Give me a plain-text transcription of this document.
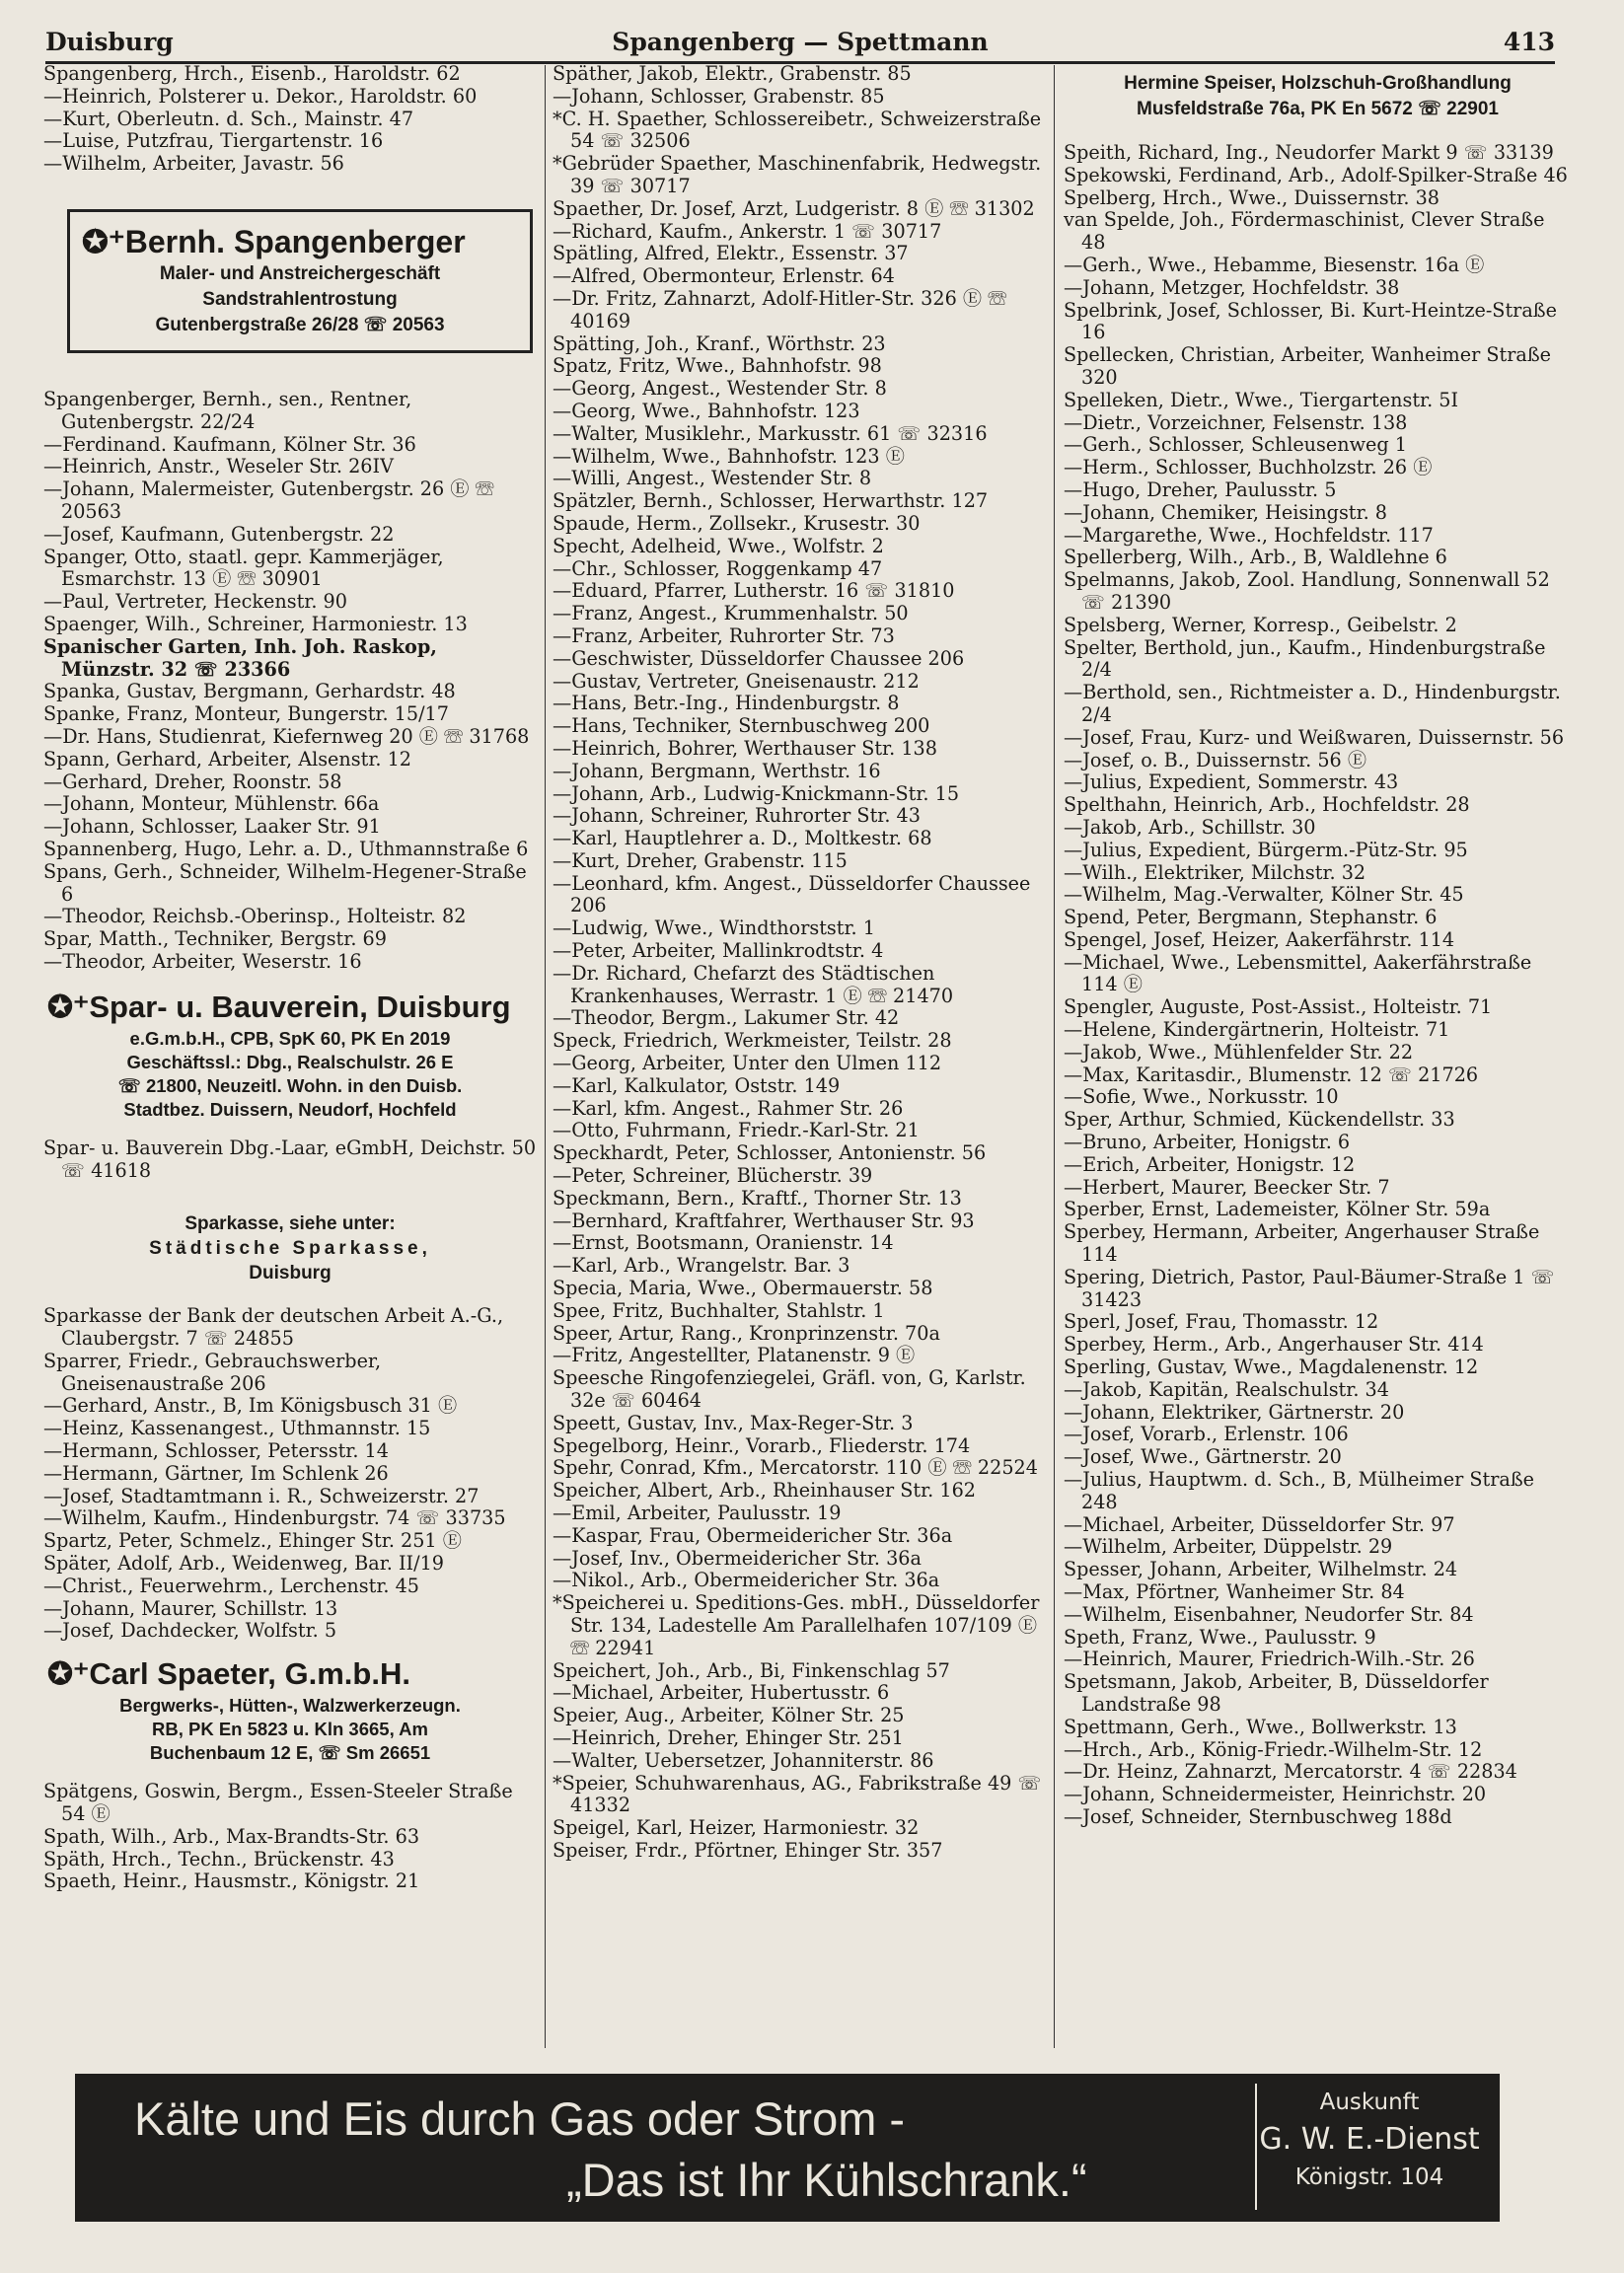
Duisburg	Spangenberg — Spettmann	413
Spangenberg, Hrch., Eisenb., Haroldstr. 62
—Heinrich, Polsterer u. Dekor., Haroldstr. 60
—Kurt, Oberleutn. d. Sch., Mainstr. 47
—Luise, Putzfrau, Tiergartenstr. 16
—Wilhelm, Arbeiter, Javastr. 56
✪⁺Bernh. Spangenberger
Maler- und Anstreichergeschäft
Sandstrahlentrostung
Gutenbergstraße 26/28 ☏ 20563
Spangenberger, Bernh., sen., Rentner, Gutenbergstr. 22/24
—Ferdinand. Kaufmann, Kölner Str. 36
—Heinrich, Anstr., Weseler Str. 26IV
—Johann, Malermeister, Gutenbergstr. 26 Ⓔ ☏ 20563
—Josef, Kaufmann, Gutenbergstr. 22
Spanger, Otto, staatl. gepr. Kammerjäger, Esmarchstr. 13 Ⓔ ☏ 30901
—Paul, Vertreter, Heckenstr. 90
Spaenger, Wilh., Schreiner, Harmoniestr. 13
Spanischer Garten, Inh. Joh. Raskop, Münzstr. 32 ☏ 23366
Spanka, Gustav, Bergmann, Gerhardstr. 48
Spanke, Franz, Monteur, Bungerstr. 15/17
—Dr. Hans, Studienrat, Kiefernweg 20 Ⓔ ☏ 31768
Spann, Gerhard, Arbeiter, Alsenstr. 12
—Gerhard, Dreher, Roonstr. 58
—Johann, Monteur, Mühlenstr. 66a
—Johann, Schlosser, Laaker Str. 91
Spannenberg, Hugo, Lehr. a. D., Uthmannstraße 6
Spans, Gerh., Schneider, Wilhelm-Hegener-Straße 6
—Theodor, Reichsb.-Oberinsp., Holteistr. 82
Spar, Matth., Techniker, Bergstr. 69
—Theodor, Arbeiter, Weserstr. 16
✪⁺Spar- u. Bauverein, Duisburg
e.G.m.b.H., CPB, SpK 60, PK En 2019
Geschäftssl.: Dbg., Realschulstr. 26 E
☏ 21800, Neuzeitl. Wohn. in den Duisb.
Stadtbez. Duissern, Neudorf, Hochfeld
Spar- u. Bauverein Dbg.-Laar, eGmbH, Deichstr. 50 ☏ 41618
Sparkasse, siehe unter:
Städtische Sparkasse,
Duisburg
Sparkasse der Bank der deutschen Arbeit A.-G., Claubergstr. 7 ☏ 24855
Sparrer, Friedr., Gebrauchswerber, Gneisenaustraße 206
—Gerhard, Anstr., B, Im Königsbusch 31 Ⓔ
—Heinz, Kassenangest., Uthmannstr. 15
—Hermann, Schlosser, Petersstr. 14
—Hermann, Gärtner, Im Schlenk 26
—Josef, Stadtamtmann i. R., Schweizerstr. 27
—Wilhelm, Kaufm., Hindenburgstr. 74 ☏ 33735
Spartz, Peter, Schmelz., Ehinger Str. 251 Ⓔ
Später, Adolf, Arb., Weidenweg, Bar. II/19
—Christ., Feuerwehrm., Lerchenstr. 45
—Johann, Maurer, Schillstr. 13
—Josef, Dachdecker, Wolfstr. 5
✪⁺Carl Spaeter, G.m.b.H.
Bergwerks-, Hütten-, Walzwerkerzeugn.
RB, PK En 5823 u. Kln 3665, Am
Buchenbaum 12 E, ☏ Sm 26651
Spätgens, Goswin, Bergm., Essen-Steeler Straße 54 Ⓔ
Spath, Wilh., Arb., Max-Brandts-Str. 63
Späth, Hrch., Techn., Brückenstr. 43
Spaeth, Heinr., Hausmstr., Königstr. 21
Späther, Jakob, Elektr., Grabenstr. 85
—Johann, Schlosser, Grabenstr. 85
*C. H. Spaether, Schlossereibetr., Schweizerstraße 54 ☏ 32506
*Gebrüder Spaether, Maschinenfabrik, Hedwegstr. 39 ☏ 30717
Spaether, Dr. Josef, Arzt, Ludgeristr. 8 Ⓔ ☏ 31302
—Richard, Kaufm., Ankerstr. 1 ☏ 30717
Spätling, Alfred, Elektr., Essenstr. 37
—Alfred, Obermonteur, Erlenstr. 64
—Dr. Fritz, Zahnarzt, Adolf-Hitler-Str. 326 Ⓔ ☏ 40169
Spätting, Joh., Kranf., Wörthstr. 23
Spatz, Fritz, Wwe., Bahnhofstr. 98
—Georg, Angest., Westender Str. 8
—Georg, Wwe., Bahnhofstr. 123
—Walter, Musiklehr., Markusstr. 61 ☏ 32316
—Wilhelm, Wwe., Bahnhofstr. 123 Ⓔ
—Willi, Angest., Westender Str. 8
Spätzler, Bernh., Schlosser, Herwarthstr. 127
Spaude, Herm., Zollsekr., Krusestr. 30
Specht, Adelheid, Wwe., Wolfstr. 2
—Chr., Schlosser, Roggenkamp 47
—Eduard, Pfarrer, Lutherstr. 16 ☏ 31810
—Franz, Angest., Krummenhalstr. 50
—Franz, Arbeiter, Ruhrorter Str. 73
—Geschwister, Düsseldorfer Chaussee 206
—Gustav, Vertreter, Gneisenaustr. 212
—Hans, Betr.-Ing., Hindenburgstr. 8
—Hans, Techniker, Sternbuschweg 200
—Heinrich, Bohrer, Werthauser Str. 138
—Johann, Bergmann, Werthstr. 16
—Johann, Arb., Ludwig-Knickmann-Str. 15
—Johann, Schreiner, Ruhrorter Str. 43
—Karl, Hauptlehrer a. D., Moltkestr. 68
—Kurt, Dreher, Grabenstr. 115
—Leonhard, kfm. Angest., Düsseldorfer Chaussee 206
—Ludwig, Wwe., Windthorststr. 1
—Peter, Arbeiter, Mallinkrodtstr. 4
—Dr. Richard, Chefarzt des Städtischen Krankenhauses, Werrastr. 1 Ⓔ ☏ 21470
—Theodor, Bergm., Lakumer Str. 42
Speck, Friedrich, Werkmeister, Teilstr. 28
—Georg, Arbeiter, Unter den Ulmen 112
—Karl, Kalkulator, Oststr. 149
—Karl, kfm. Angest., Rahmer Str. 26
—Otto, Fuhrmann, Friedr.-Karl-Str. 21
Speckhardt, Peter, Schlosser, Antonienstr. 56
—Peter, Schreiner, Blücherstr. 39
Speckmann, Bern., Kraftf., Thorner Str. 13
—Bernhard, Kraftfahrer, Werthauser Str. 93
—Ernst, Bootsmann, Oranienstr. 14
—Karl, Arb., Wrangelstr. Bar. 3
Specia, Maria, Wwe., Obermauerstr. 58
Spee, Fritz, Buchhalter, Stahlstr. 1
Speer, Artur, Rang., Kronprinzenstr. 70a
—Fritz, Angestellter, Platanenstr. 9 Ⓔ
Speesche Ringofenziegelei, Gräfl. von, G, Karlstr. 32e ☏ 60464
Speett, Gustav, Inv., Max-Reger-Str. 3
Spegelborg, Heinr., Vorarb., Fliederstr. 174
Spehr, Conrad, Kfm., Mercatorstr. 110 Ⓔ ☏ 22524
Speicher, Albert, Arb., Rheinhauser Str. 162
—Emil, Arbeiter, Paulusstr. 19
—Kaspar, Frau, Obermeidericher Str. 36a
—Josef, Inv., Obermeidericher Str. 36a
—Nikol., Arb., Obermeidericher Str. 36a
*Speicherei u. Speditions-Ges. mbH., Düsseldorfer Str. 134, Ladestelle Am Parallelhafen 107/109 Ⓔ ☏ 22941
Speichert, Joh., Arb., Bi, Finkenschlag 57
—Michael, Arbeiter, Hubertusstr. 6
Speier, Aug., Arbeiter, Kölner Str. 25
—Heinrich, Dreher, Ehinger Str. 251
—Walter, Uebersetzer, Johanniterstr. 86
*Speier, Schuhwarenhaus, AG., Fabrikstraße 49 ☏ 41332
Speigel, Karl, Heizer, Harmoniestr. 32
Speiser, Frdr., Pförtner, Ehinger Str. 357
Hermine Speiser, Holzschuh-Großhandlung
Musfeldstraße 76a, PK En 5672 ☏ 22901
Speith, Richard, Ing., Neudorfer Markt 9 ☏ 33139
Spekowski, Ferdinand, Arb., Adolf-Spilker-Straße 46
Spelberg, Hrch., Wwe., Duissernstr. 38
van Spelde, Joh., Fördermaschinist, Clever Straße 48
—Gerh., Wwe., Hebamme, Biesenstr. 16a Ⓔ
—Johann, Metzger, Hochfeldstr. 38
Spelbrink, Josef, Schlosser, Bi. Kurt-Heintze-Straße 16
Spellecken, Christian, Arbeiter, Wanheimer Straße 320
Spelleken, Dietr., Wwe., Tiergartenstr. 5I
—Dietr., Vorzeichner, Felsenstr. 138
—Gerh., Schlosser, Schleusenweg 1
—Herm., Schlosser, Buchholzstr. 26 Ⓔ
—Hugo, Dreher, Paulusstr. 5
—Johann, Chemiker, Heisingstr. 8
—Margarethe, Wwe., Hochfeldstr. 117
Spellerberg, Wilh., Arb., B, Waldlehne 6
Spelmanns, Jakob, Zool. Handlung, Sonnenwall 52 ☏ 21390
Spelsberg, Werner, Korresp., Geibelstr. 2
Spelter, Berthold, jun., Kaufm., Hindenburgstraße 2/4
—Berthold, sen., Richtmeister a. D., Hindenburgstr. 2/4
—Josef, Frau, Kurz- und Weißwaren, Duissernstr. 56
—Josef, o. B., Duissernstr. 56 Ⓔ
—Julius, Expedient, Sommerstr. 43
Spelthahn, Heinrich, Arb., Hochfeldstr. 28
—Jakob, Arb., Schillstr. 30
—Julius, Expedient, Bürgerm.-Pütz-Str. 95
—Wilh., Elektriker, Milchstr. 32
—Wilhelm, Mag.-Verwalter, Kölner Str. 45
Spend, Peter, Bergmann, Stephanstr. 6
Spengel, Josef, Heizer, Aakerfährstr. 114
—Michael, Wwe., Lebensmittel, Aakerfährstraße 114 Ⓔ
Spengler, Auguste, Post-Assist., Holteistr. 71
—Helene, Kindergärtnerin, Holteistr. 71
—Jakob, Wwe., Mühlenfelder Str. 22
—Max, Karitasdir., Blumenstr. 12 ☏ 21726
—Sofie, Wwe., Norkusstr. 10
Sper, Arthur, Schmied, Kückendellstr. 33
—Bruno, Arbeiter, Honigstr. 6
—Erich, Arbeiter, Honigstr. 12
—Herbert, Maurer, Beecker Str. 7
Sperber, Ernst, Lademeister, Kölner Str. 59a
Sperbey, Hermann, Arbeiter, Angerhauser Straße 114
Spering, Dietrich, Pastor, Paul-Bäumer-Straße 1 ☏ 31423
Sperl, Josef, Frau, Thomasstr. 12
Sperbey, Herm., Arb., Angerhauser Str. 414
Sperling, Gustav, Wwe., Magdalenenstr. 12
—Jakob, Kapitän, Realschulstr. 34
—Johann, Elektriker, Gärtnerstr. 20
—Josef, Vorarb., Erlenstr. 106
—Josef, Wwe., Gärtnerstr. 20
—Julius, Hauptwm. d. Sch., B, Mülheimer Straße 248
—Michael, Arbeiter, Düsseldorfer Str. 97
—Wilhelm, Arbeiter, Düppelstr. 29
Spesser, Johann, Arbeiter, Wilhelmstr. 24
—Max, Pförtner, Wanheimer Str. 84
—Wilhelm, Eisenbahner, Neudorfer Str. 84
Speth, Franz, Wwe., Paulusstr. 9
—Heinrich, Maurer, Friedrich-Wilh.-Str. 26
Spetsmann, Jakob, Arbeiter, B, Düsseldorfer Landstraße 98
Spettmann, Gerh., Wwe., Bollwerkstr. 13
—Hrch., Arb., König-Friedr.-Wilhelm-Str. 12
—Dr. Heinz, Zahnarzt, Mercatorstr. 4 ☏ 22834
—Johann, Schneidermeister, Heinrichstr. 20
—Josef, Schneider, Sternbuschweg 188d
Kälte und Eis durch Gas oder Strom -
„Das ist Ihr Kühlschrank.“
Auskunft
G. W. E.-Dienst
Königstr. 104
